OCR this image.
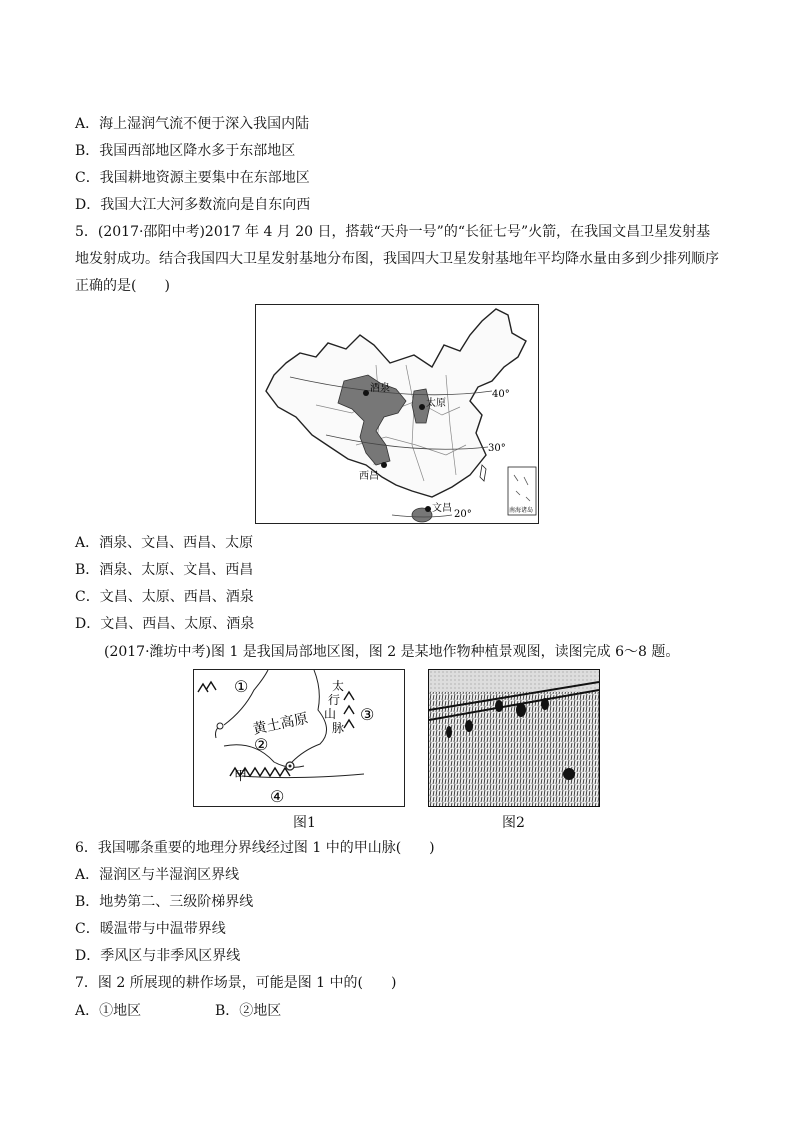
A．海上湿润气流不便于深入我国内陆
B．我国西部地区降水多于东部地区
C．我国耕地资源主要集中在东部地区
D．我国大江大河多数流向是自东向西
5．(2017·邵阳中考)2017 年 4 月 20 日，搭载“天舟一号”的“长征七号”火箭，在我国文昌卫星发射基
地发射成功。结合我国四大卫星发射基地分布图，我国四大卫星发射基地年平均降水量由多到少排列顺序
正确的是(　　)
酒泉
太原
西昌
文昌
40°
30°
20°	南海诸岛
A．酒泉、文昌、西昌、太原
B．酒泉、太原、文昌、西昌
C．文昌、太原、西昌、酒泉
D．文昌、西昌、太原、酒泉
(2017·潍坊中考)图 1 是我国局部地区图，图 2 是某地作物种植景观图，读图完成 6～8 题。
①
②
③
④
黄土高原
甲
太
行
山
脉
图1	图2
6．我国哪条重要的地理分界线经过图 1 中的甲山脉(　　)
A．湿润区与半湿润区界线
B．地势第二、三级阶梯界线
C．暖温带与中温带界线
D．季风区与非季风区界线
7．图 2 所展现的耕作场景，可能是图 1 中的(　　)
A．①地区	B．②地区
